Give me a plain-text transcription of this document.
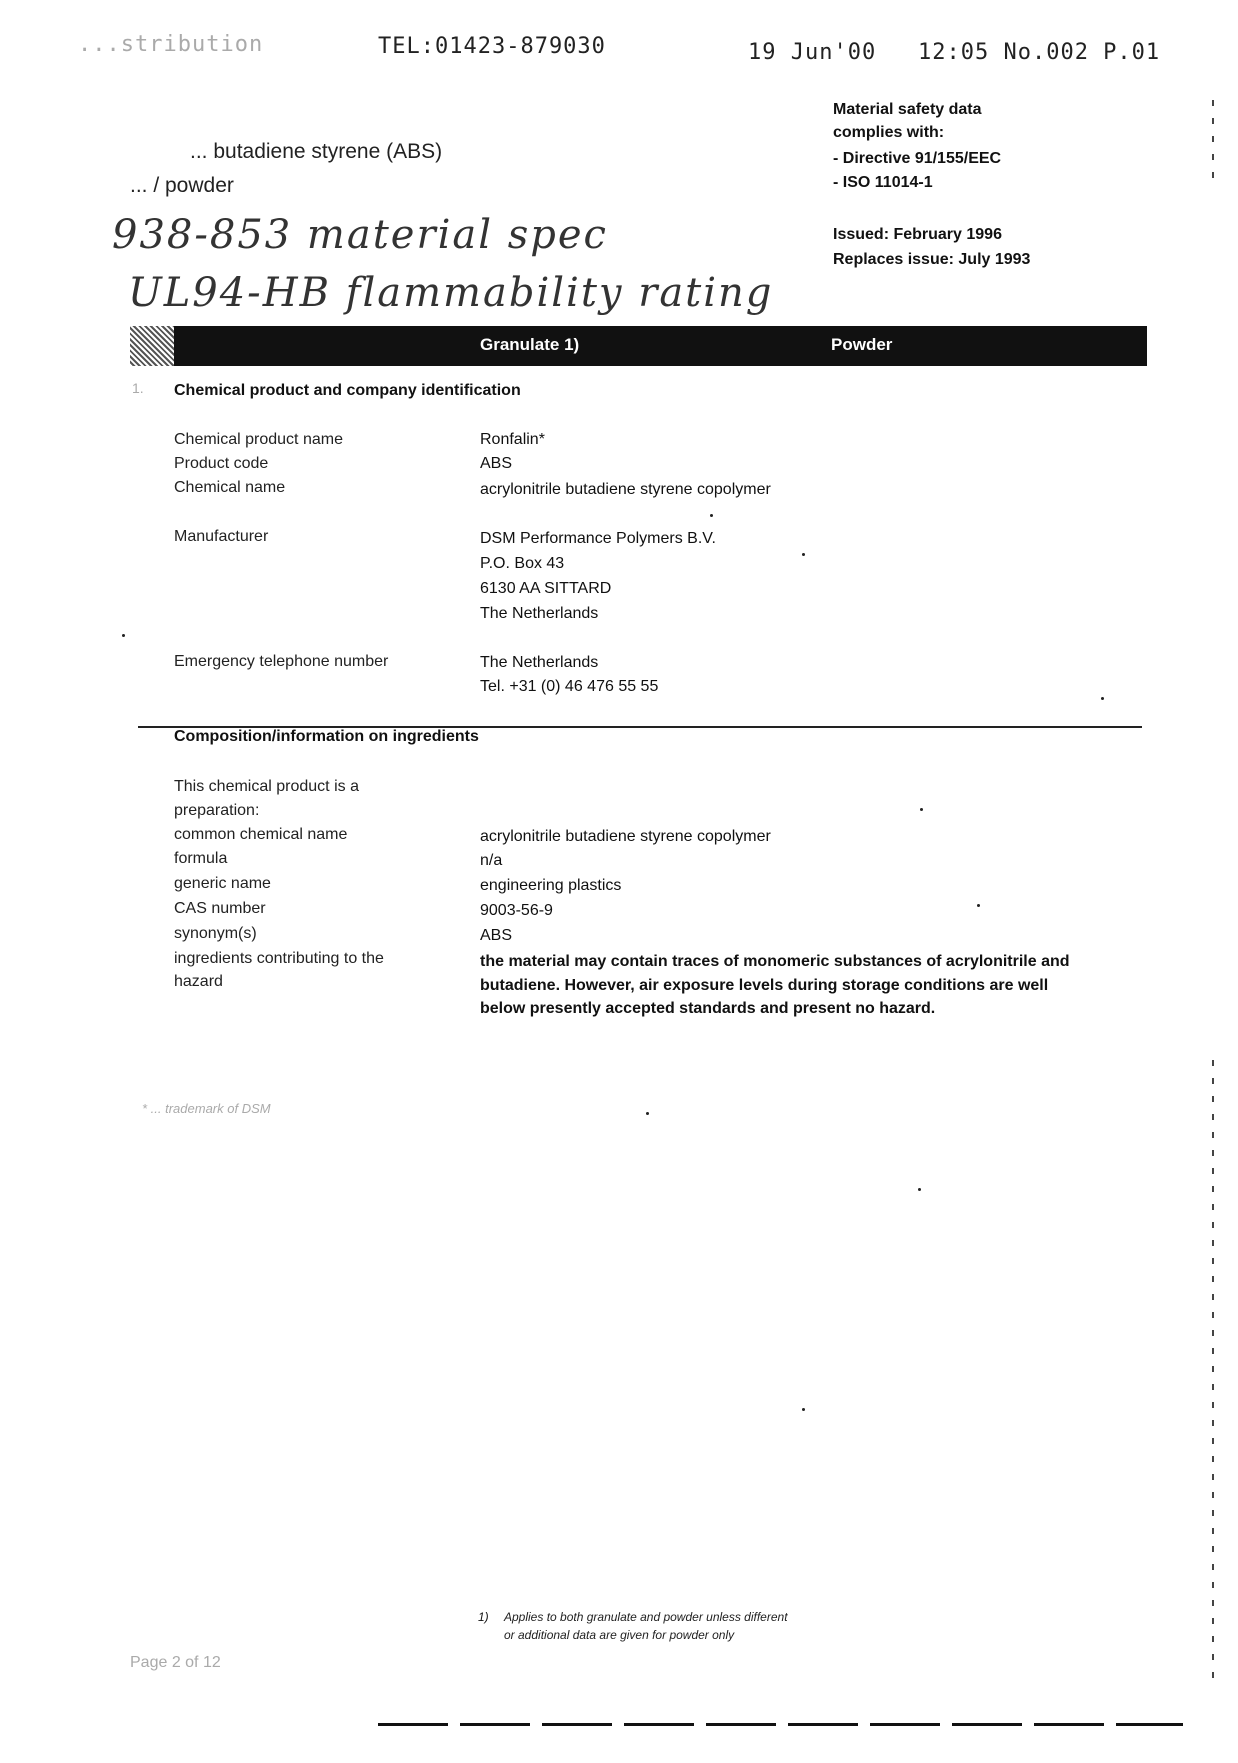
...stribution	TEL:01423-879030	19 Jun'00 12:05 No.002 P.01
... butadiene styrene (ABS)
... / powder
938-853 material spec
UL94-HB flammability rating
Material safety data
complies with:
- Directive 91/155/EEC
- ISO 11014-1
Issued: February 1996
Replaces issue: July 1993
Granulate 1)	Powder
1. Chemical product and company identification
Chemical product name	Ronfalin*
Product code	ABS
Chemical name	acrylonitrile butadiene styrene copolymer
Manufacturer	DSM Performance Polymers B.V.
P.O. Box 43
6130 AA SITTARD
The Netherlands
Emergency telephone number	The Netherlands
Tel. +31 (0) 46 476 55 55
Composition/information on ingredients
This chemical product is a
preparation:
common chemical name	acrylonitrile butadiene styrene copolymer
formula	n/a
generic name	engineering plastics
CAS number	9003-56-9
synonym(s)	ABS
ingredients contributing to the
hazard
the material may contain traces of monomeric substances of acrylonitrile and
butadiene. However, air exposure levels during storage conditions are well
below presently accepted standards and present no hazard.
* ... trademark of DSM
1) Applies to both granulate and powder unless different or additional data are given for powder only
Page 2 of 12
